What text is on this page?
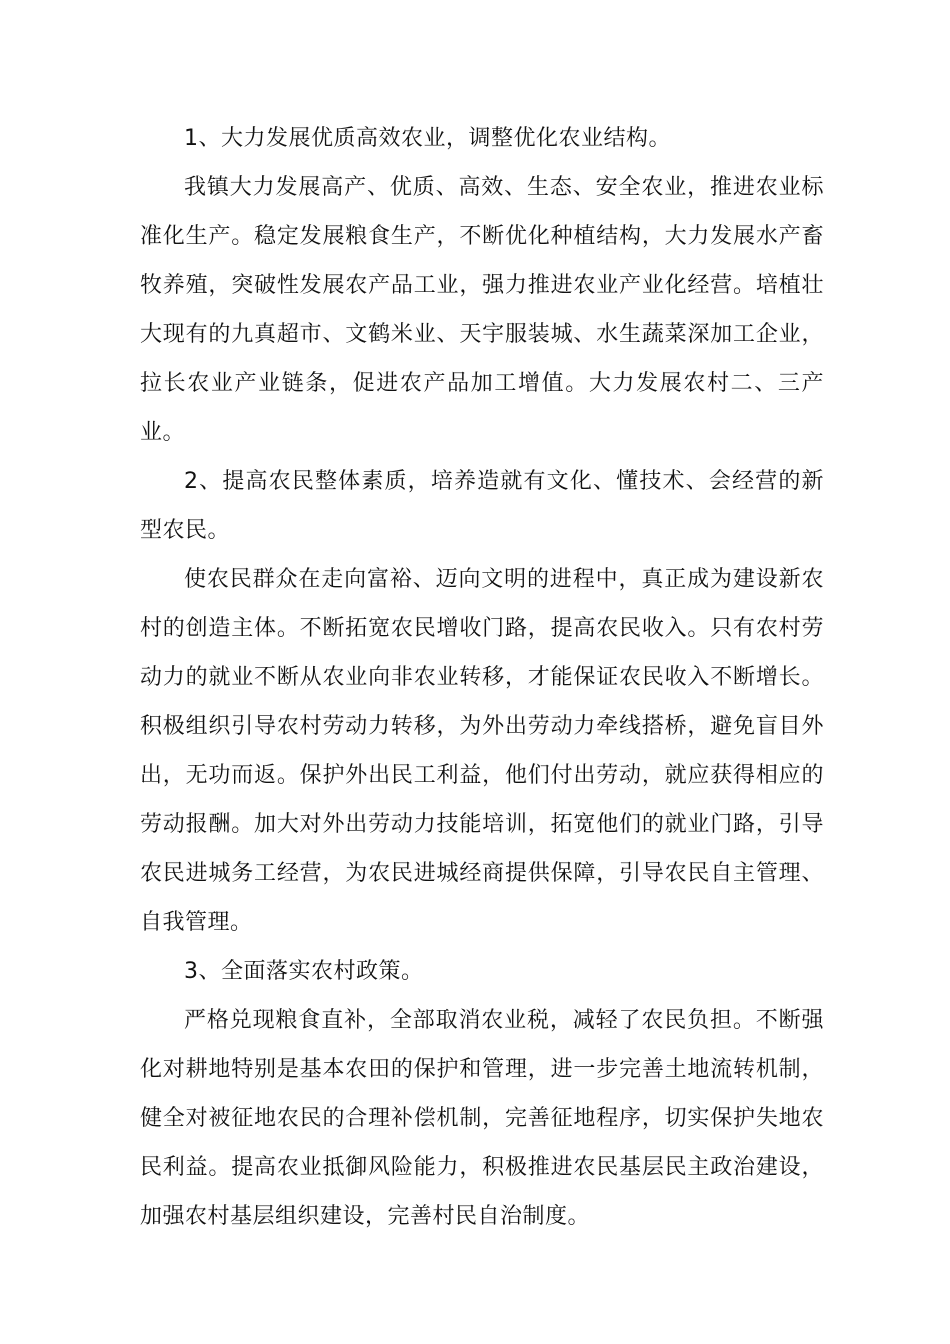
1、大力发展优质高效农业，调整优化农业结构。

我镇大力发展高产、优质、高效、生态、安全农业，推进农业标准化生产。稳定发展粮食生产，不断优化种植结构，大力发展水产畜牧养殖，突破性发展农产品工业，强力推进农业产业化经营。培植壮大现有的九真超市、文鹤米业、天宇服装城、水生蔬菜深加工企业，拉长农业产业链条，促进农产品加工增值。大力发展农村二、三产业。

2、提高农民整体素质，培养造就有文化、懂技术、会经营的新型农民。

使农民群众在走向富裕、迈向文明的进程中，真正成为建设新农村的创造主体。不断拓宽农民增收门路，提高农民收入。只有农村劳动力的就业不断从农业向非农业转移，才能保证农民收入不断增长。积极组织引导农村劳动力转移，为外出劳动力牵线搭桥，避免盲目外出，无功而返。保护外出民工利益，他们付出劳动，就应获得相应的劳动报酬。加大对外出劳动力技能培训，拓宽他们的就业门路，引导农民进城务工经营，为农民进城经商提供保障，引导农民自主管理、自我管理。

3、全面落实农村政策。

严格兑现粮食直补，全部取消农业税，减轻了农民负担。不断强化对耕地特别是基本农田的保护和管理，进一步完善土地流转机制，健全对被征地农民的合理补偿机制，完善征地程序，切实保护失地农民利益。提高农业抵御风险能力，积极推进农民基层民主政治建设，加强农村基层组织建设，完善村民自治制度。
